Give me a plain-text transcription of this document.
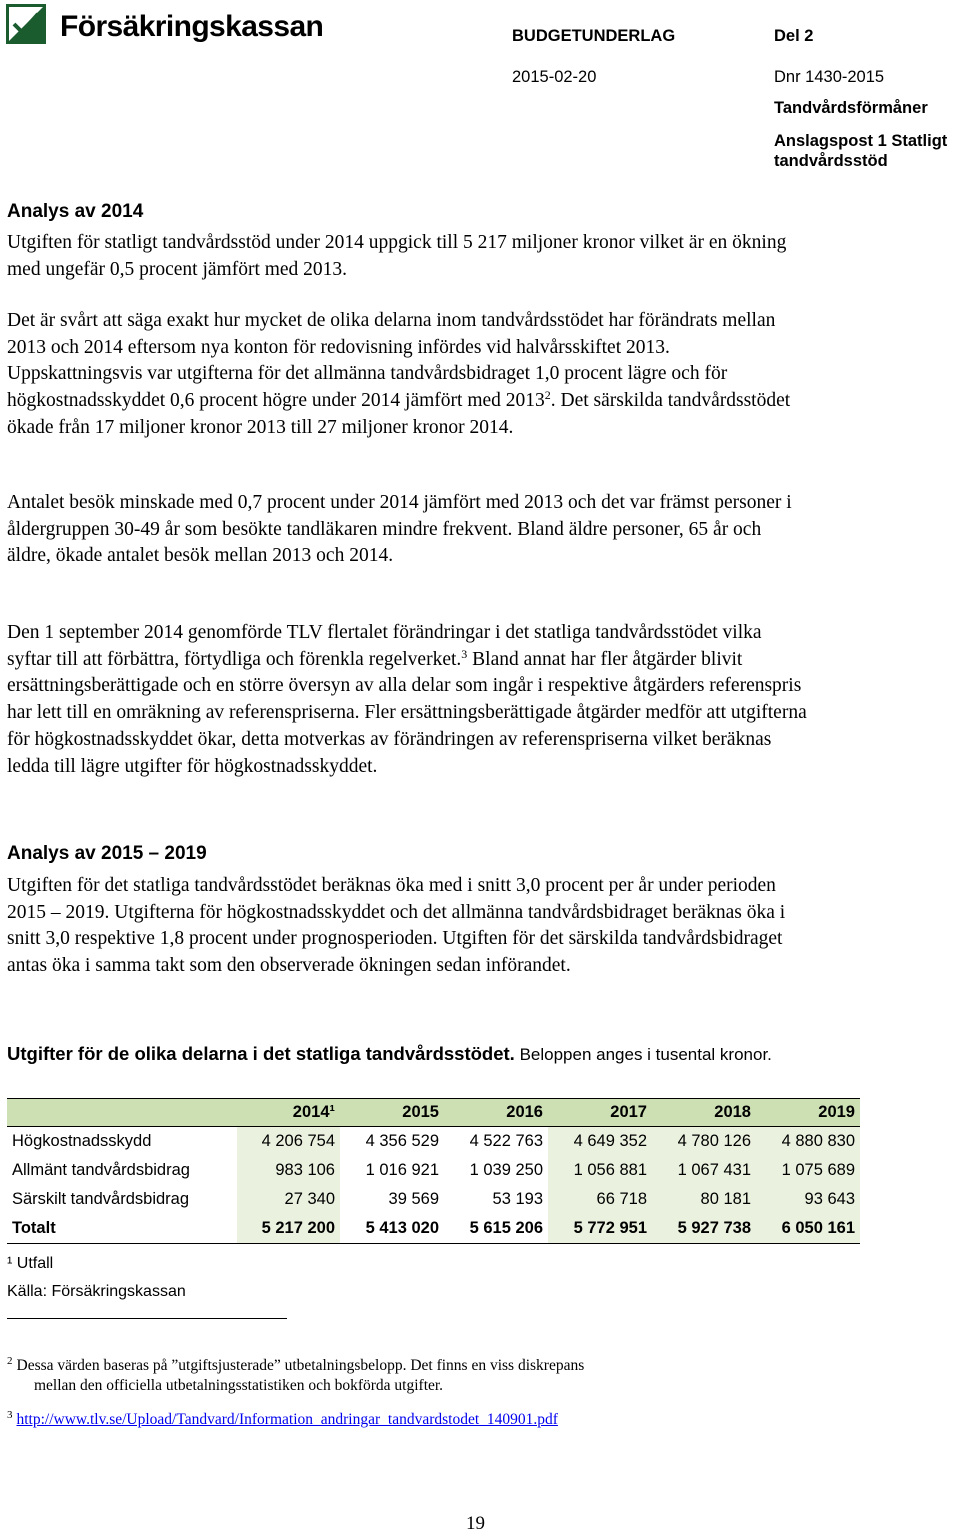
Försäkringskassan	BUDGETUNDERLAG	Del 2
2015-02-20	Dnr 1430-2015
Tandvårdsförmåner
Anslagspost 1 Statligt
tandvårdsstöd
Analys av 2014

Utgiften för statligt tandvårdsstöd under 2014 uppgick till 5 217 miljoner kronor vilket är en ökning med ungefär 0,5 procent jämfört med 2013.

Det är svårt att säga exakt hur mycket de olika delarna inom tandvårdsstödet har förändrats mellan 2013 och 2014 eftersom nya konton för redovisning infördes vid halvårsskiftet 2013. Uppskattningsvis var utgifterna för det allmänna tandvårdsbidraget 1,0 procent lägre och för högkostnadsskyddet 0,6 procent högre under 2014 jämfört med 2013$^2$. Det särskilda tandvårdsstödet ökade från 17 miljoner kronor 2013 till 27 miljoner kronor 2014.

Antalet besök minskade med 0,7 procent under 2014 jämfört med 2013 och det var främst personer i åldergruppen 30-49 år som besökte tandläkaren mindre frekvent. Bland äldre personer, 65 år och äldre, ökade antalet besök mellan 2013 och 2014.

Den 1 september 2014 genomförde TLV flertalet förändringar i det statliga tandvårdsstödet vilka syftar till att förbättra, förtydliga och förenkla regelverket.$^3$ Bland annat har fler åtgärder blivit ersättningsberättigade och en större översyn av alla delar som ingår i respektive åtgärders referenspris har lett till en omräkning av referenspriserna. Fler ersättningsberättigade åtgärder medför att utgifterna för högkostnadsskyddet ökar, detta motverkas av förändringen av referenspriserna vilket beräknas ledda till lägre utgifter för högkostnadsskyddet.

Analys av 2015 – 2019

Utgiften för det statliga tandvårdsstödet beräknas öka med i snitt 3,0 procent per år under perioden 2015 – 2019. Utgifterna för högkostnadsskyddet och det allmänna tandvårdsbidraget beräknas öka i snitt 3,0 respektive 1,8 procent under prognosperioden. Utgiften för det särskilda tandvårdsbidraget antas öka i samma takt som den observerade ökningen sedan införandet.

Utgifter för de olika delarna i det statliga tandvårdsstödet. Beloppen anges i tusental kronor.

	2014¹	2015	2016	2017	2018	2019
Högkostnadsskydd	4 206 754	4 356 529	4 522 763	4 649 352	4 780 126	4 880 830
Allmänt tandvårdsbidrag	983 106	1 016 921	1 039 250	1 056 881	1 067 431	1 075 689
Särskilt tandvårdsbidrag	27 340	39 569	53 193	66 718	80 181	93 643
Totalt	5 217 200	5 413 020	5 615 206	5 772 951	5 927 738	6 050 161
¹ Utfall
Källa: Försäkringskassan
$^2$ Dessa värden baseras på ”utgiftsjusterade” utbetalningsbelopp. Det finns en viss diskrepans
mellan den officiella utbetalningsstatistiken och bokförda utgifter.
$^3$ http://www.tlv.se/Upload/Tandvard/Information_andringar_tandvardstodet_140901.pdf
19
